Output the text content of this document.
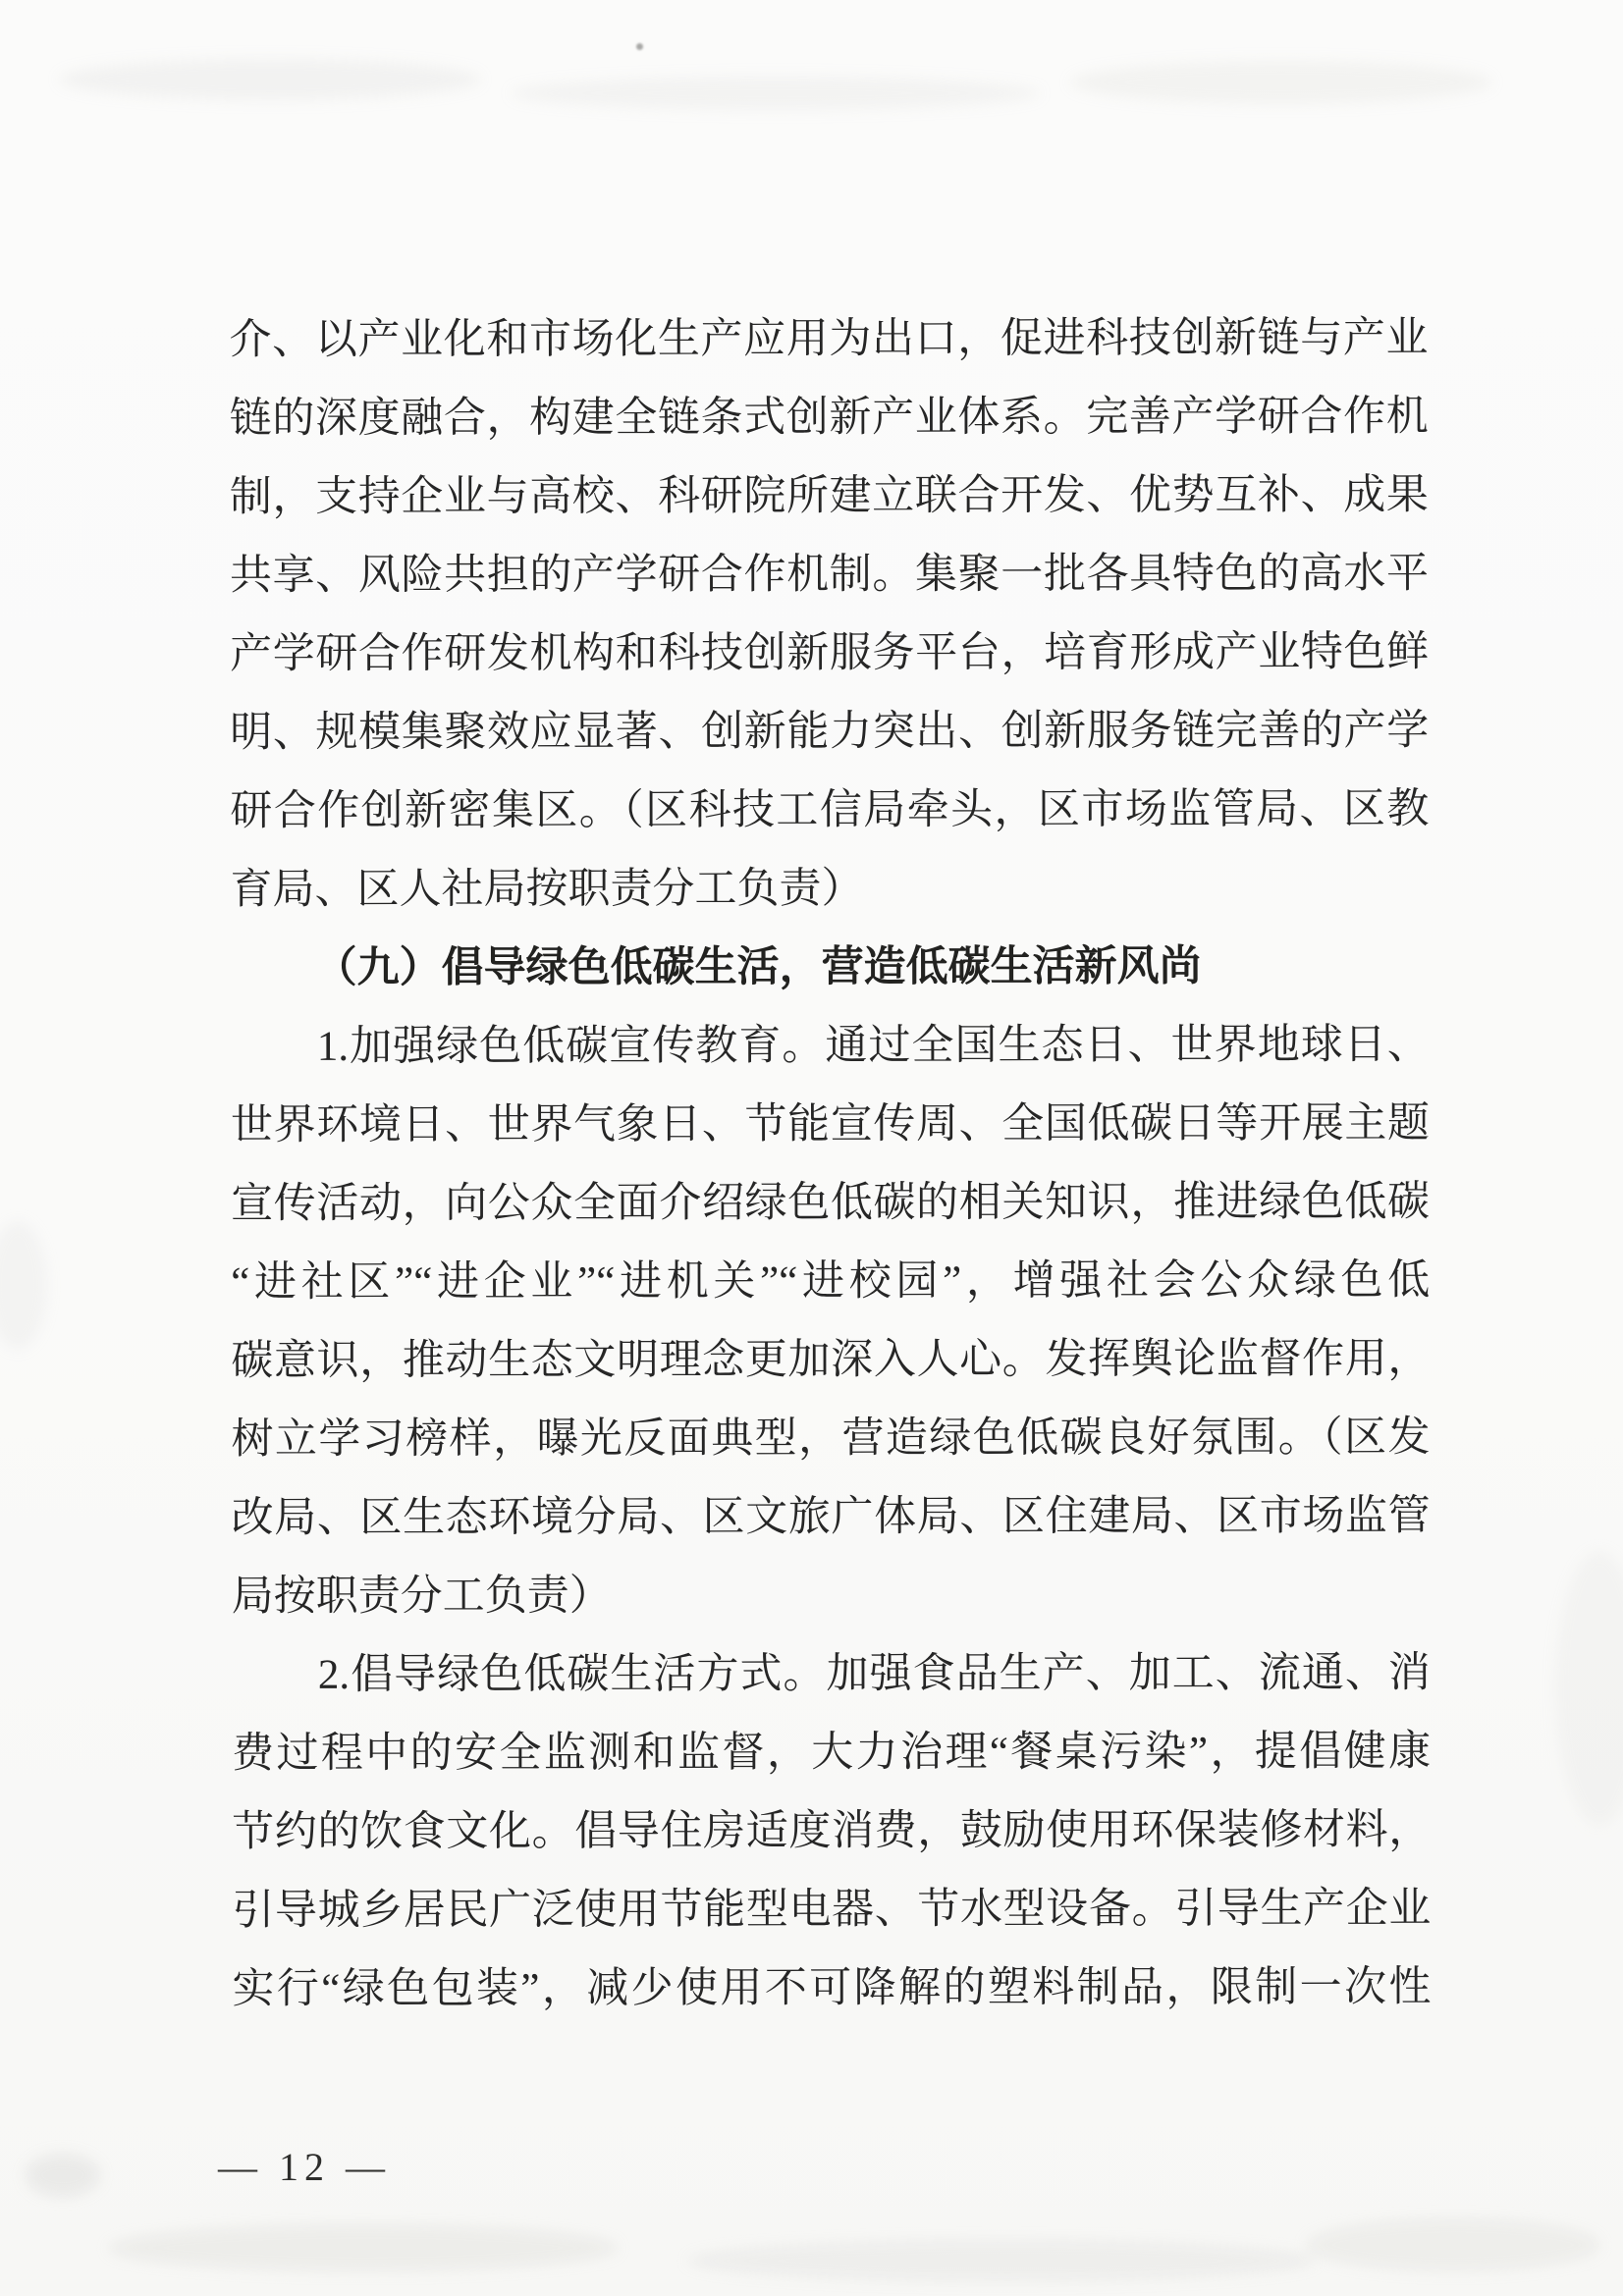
介、以产业化和市场化生产应用为出口，促进科技创新链与产业
链的深度融合，构建全链条式创新产业体系。完善产学研合作机
制，支持企业与高校、科研院所建立联合开发、优势互补、成果
共享、风险共担的产学研合作机制。集聚一批各具特色的高水平
产学研合作研发机构和科技创新服务平台，培育形成产业特色鲜
明、规模集聚效应显著、创新能力突出、创新服务链完善的产学
研合作创新密集区。（区科技工信局牵头，区市场监管局、区教
育局、区人社局按职责分工负责）
（九）倡导绿色低碳生活，营造低碳生活新风尚
1.加强绿色低碳宣传教育。通过全国生态日、世界地球日、
世界环境日、世界气象日、节能宣传周、全国低碳日等开展主题
宣传活动，向公众全面介绍绿色低碳的相关知识，推进绿色低碳
“进社区”“进企业”“进机关”“进校园”，增强社会公众绿色低
碳意识，推动生态文明理念更加深入人心。发挥舆论监督作用，
树立学习榜样，曝光反面典型，营造绿色低碳良好氛围。（区发
改局、区生态环境分局、区文旅广体局、区住建局、区市场监管
局按职责分工负责）
2.倡导绿色低碳生活方式。加强食品生产、加工、流通、消
费过程中的安全监测和监督，大力治理“餐桌污染”，提倡健康
节约的饮食文化。倡导住房适度消费，鼓励使用环保装修材料，
引导城乡居民广泛使用节能型电器、节水型设备。引导生产企业
实行“绿色包装”，减少使用不可降解的塑料制品，限制一次性
— 12 —
